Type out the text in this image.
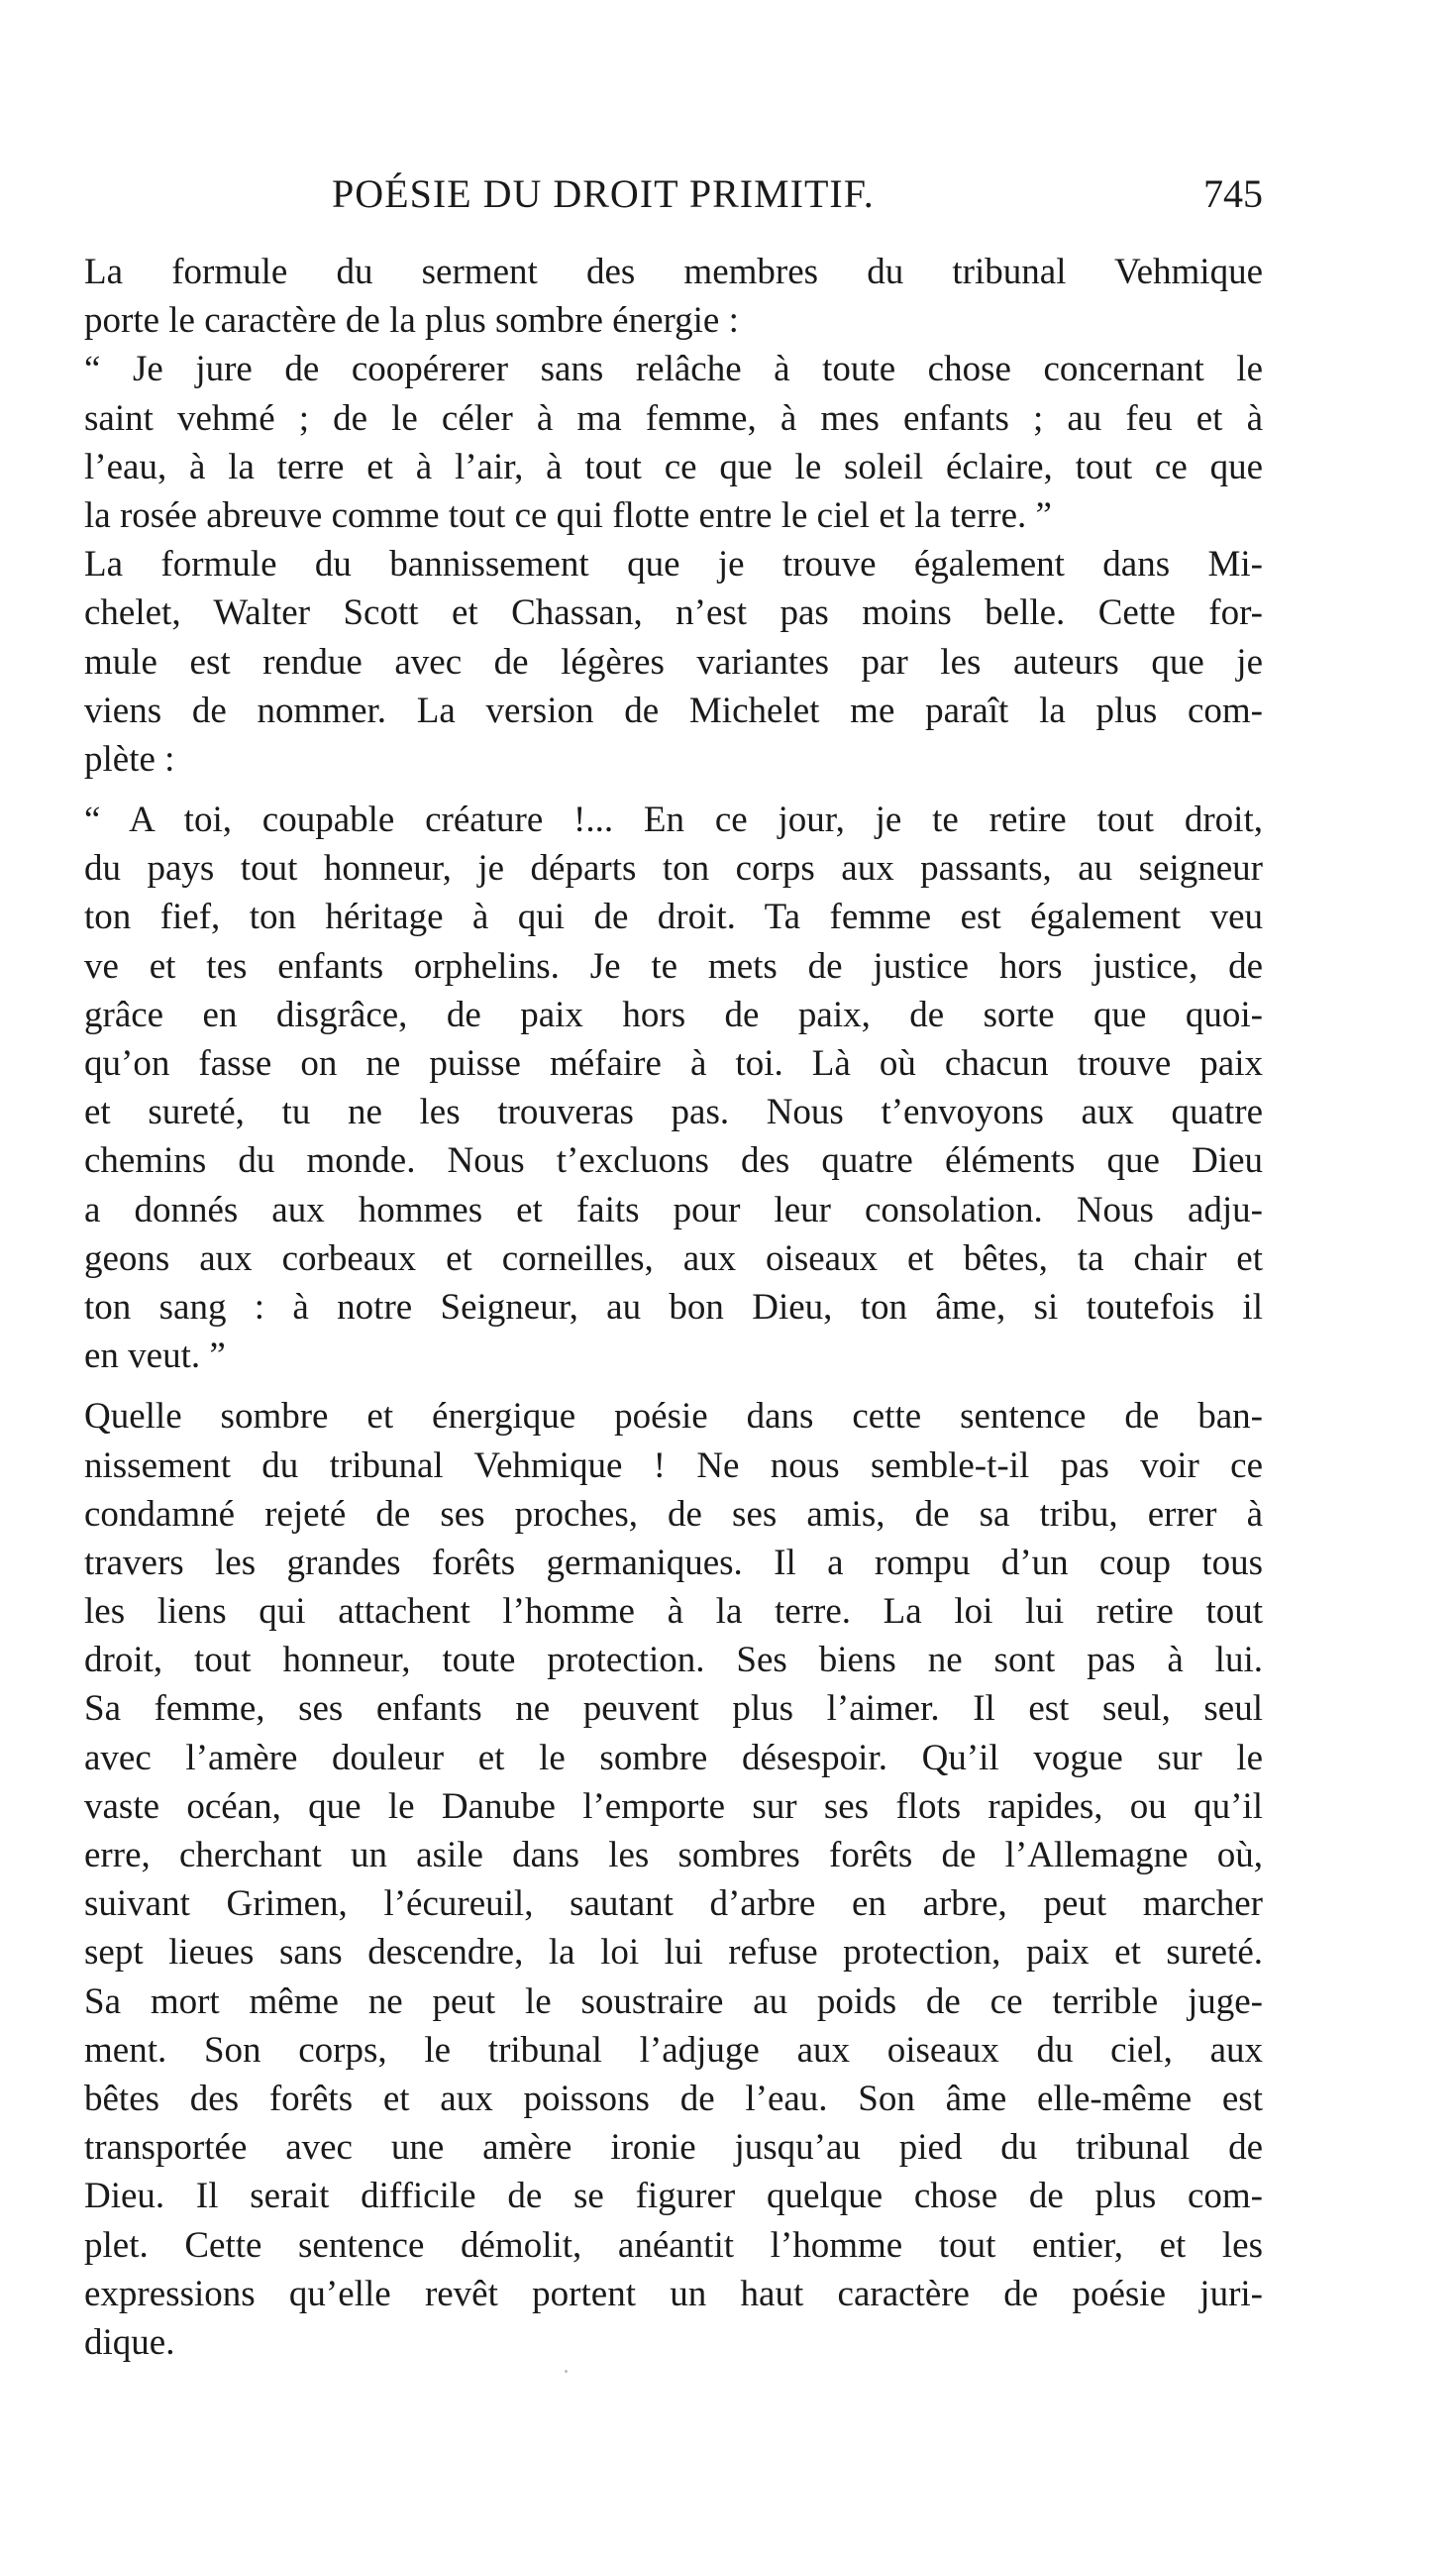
POÉSIE DU DROIT PRIMITIF.	745
La formule du serment des membres du tribunal Vehmique
porte le caractère de la plus sombre énergie :
“ Je jure de coopérerer sans relâche à toute chose concernant le
saint vehmé ; de le céler à ma femme, à mes enfants ; au feu et à
l’eau, à la terre et à l’air, à tout ce que le soleil éclaire, tout ce que
la rosée abreuve comme tout ce qui flotte entre le ciel et la terre. ”
La formule du bannissement que je trouve également dans Mi-
chelet, Walter Scott et Chassan, n’est pas moins belle. Cette for-
mule est rendue avec de légères variantes par les auteurs que je
viens de nommer. La version de Michelet me paraît la plus com-
plète :
“ A toi, coupable créature !... En ce jour, je te retire tout droit,
du pays tout honneur, je départs ton corps aux passants, au seigneur
ton fief, ton héritage à qui de droit. Ta femme est également veu
ve et tes enfants orphelins. Je te mets de justice hors justice, de
grâce en disgrâce, de paix hors de paix, de sorte que quoi-
qu’on fasse on ne puisse méfaire à toi. Là où chacun trouve paix
et sureté, tu ne les trouveras pas. Nous t’envoyons aux quatre
chemins du monde. Nous t’excluons des quatre éléments que Dieu
a donnés aux hommes et faits pour leur consolation. Nous adju-
geons aux corbeaux et corneilles, aux oiseaux et bêtes, ta chair et
ton sang : à notre Seigneur, au bon Dieu, ton âme, si toutefois il
en veut. ”
Quelle sombre et énergique poésie dans cette sentence de ban-
nissement du tribunal Vehmique ! Ne nous semble-t-il pas voir ce
condamné rejeté de ses proches, de ses amis, de sa tribu, errer à
travers les grandes forêts germaniques. Il a rompu d’un coup tous
les liens qui attachent l’homme à la terre. La loi lui retire tout
droit, tout honneur, toute protection. Ses biens ne sont pas à lui.
Sa femme, ses enfants ne peuvent plus l’aimer. Il est seul, seul
avec l’amère douleur et le sombre désespoir. Qu’il vogue sur le
vaste océan, que le Danube l’emporte sur ses flots rapides, ou qu’il
erre, cherchant un asile dans les sombres forêts de l’Allemagne où,
suivant Grimen, l’écureuil, sautant d’arbre en arbre, peut marcher
sept lieues sans descendre, la loi lui refuse protection, paix et sureté.
Sa mort même ne peut le soustraire au poids de ce terrible juge-
ment. Son corps, le tribunal l’adjuge aux oiseaux du ciel, aux
bêtes des forêts et aux poissons de l’eau. Son âme elle-même est
transportée avec une amère ironie jusqu’au pied du tribunal de
Dieu. Il serait difficile de se figurer quelque chose de plus com-
plet. Cette sentence démolit, anéantit l’homme tout entier, et les
expressions qu’elle revêt portent un haut caractère de poésie juri-
dique.
